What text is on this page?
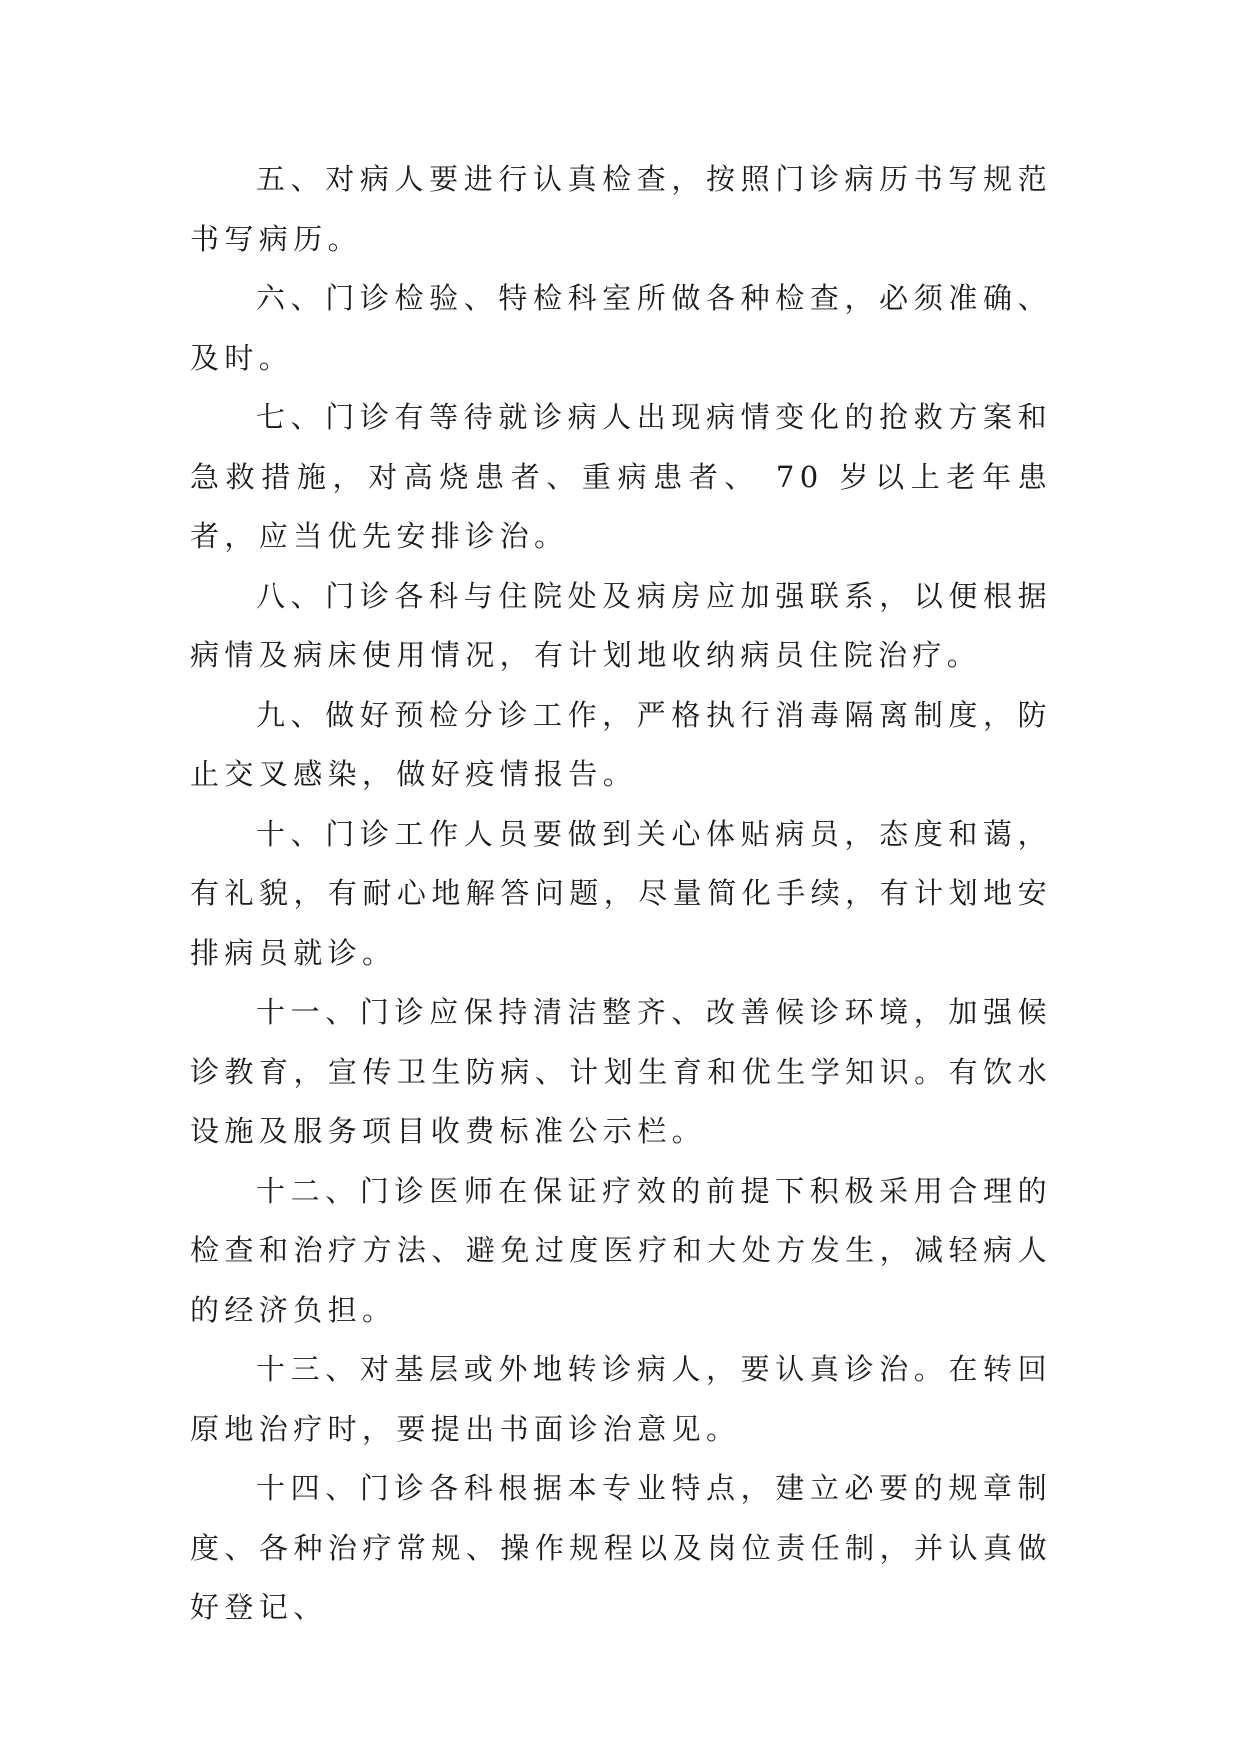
五、对病人要进行认真检查，按照门诊病历书写规范书写病历。

六、门诊检验、特检科室所做各种检查，必须准确、及时。

七、门诊有等待就诊病人出现病情变化的抢救方案和急救措施，对高烧患者、重病患者、 70 岁以上老年患者，应当优先安排诊治。

八、门诊各科与住院处及病房应加强联系，以便根据病情及病床使用情况，有计划地收纳病员住院治疗。

九、做好预检分诊工作，严格执行消毒隔离制度，防止交叉感染，做好疫情报告。

十、门诊工作人员要做到关心体贴病员，态度和蔼，有礼貌，有耐心地解答问题，尽量简化手续，有计划地安排病员就诊。

十一、门诊应保持清洁整齐、改善候诊环境，加强候诊教育，宣传卫生防病、计划生育和优生学知识。有饮水设施及服务项目收费标准公示栏。

十二、门诊医师在保证疗效的前提下积极采用合理的检查和治疗方法、避免过度医疗和大处方发生，减轻病人的经济负担。

十三、对基层或外地转诊病人，要认真诊治。在转回原地治疗时，要提出书面诊治意见。

十四、门诊各科根据本专业特点，建立必要的规章制度、各种治疗常规、操作规程以及岗位责任制，并认真做好登记、
